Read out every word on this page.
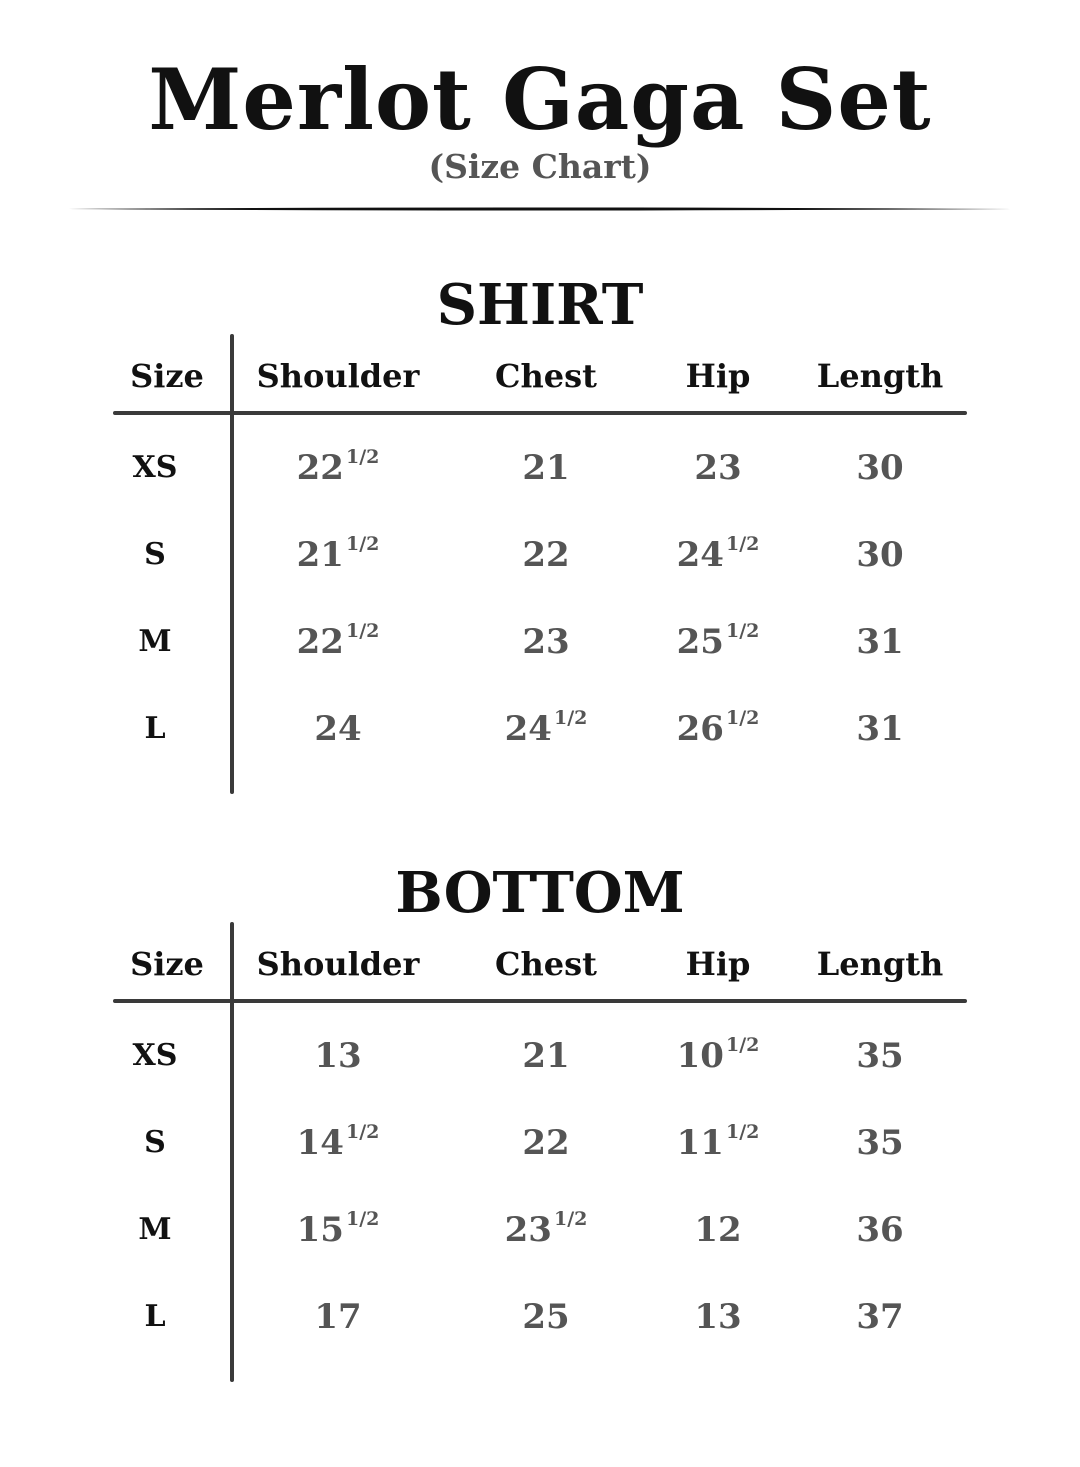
Merlot Gaga Set
(Size Chart)
SHIRT
Size	Shoulder	Chest	Hip	Length
XS	22 $^{1/2}$	21	23	30
S	21 $^{1/2}$	22	24 $^{1/2}$	30
M	22 $^{1/2}$	23	25 $^{1/2}$	31
L	24	24 $^{1/2}$	26 $^{1/2}$	31
BOTTOM
Size	Shoulder	Chest	Hip	Length
XS	13	21	10 $^{1/2}$	35
S	14 $^{1/2}$	22	11 $^{1/2}$	35
M	15 $^{1/2}$	23 $^{1/2}$	12	36
L	17	25	13	37
